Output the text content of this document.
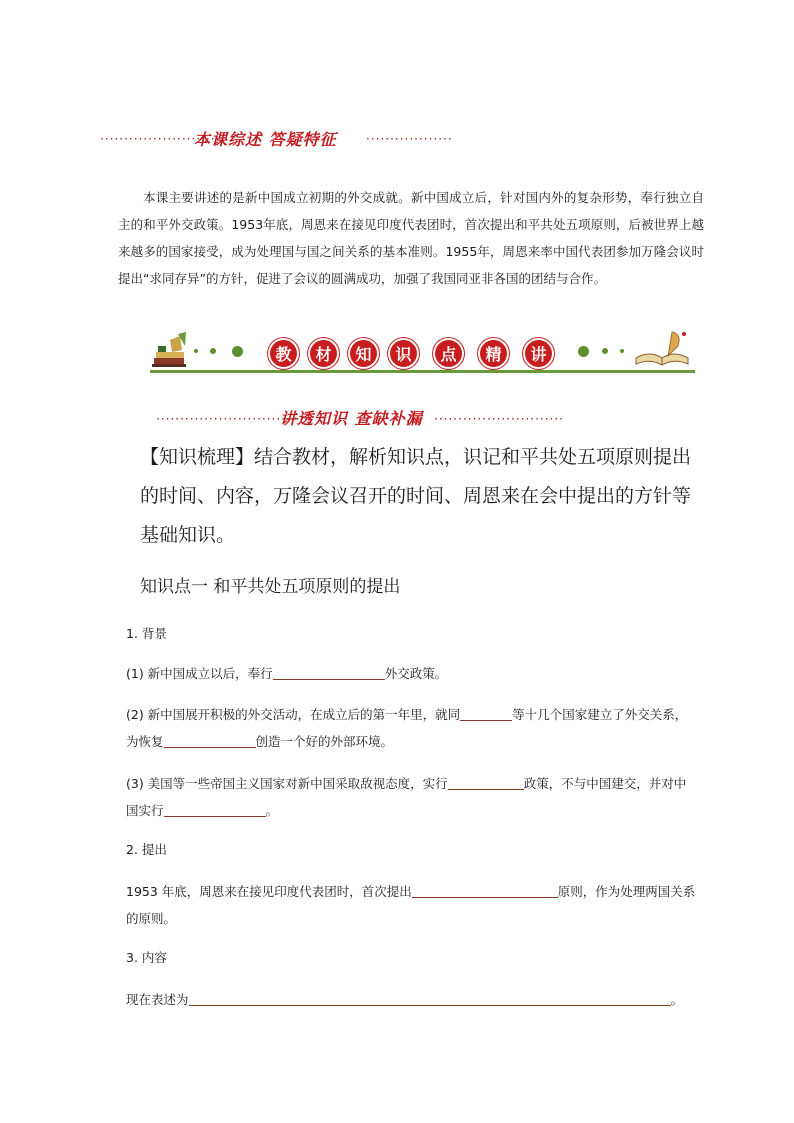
·························
本课综述 答疑特征 ··················

本课主要讲述的是新中国成立初期的外交成就。新中国成立后，针对国内外的复杂形势，奉行独立自主的和平外交政策。1953年底，周恩来在接见印度代表团时，首次提出和平共处五项原则，后被世界上越来越多的国家接受，成为处理国与国之间关系的基本准则。1955年，周恩来率中国代表团参加万隆会议时提出“求同存异”的方针，促进了会议的圆满成功，加强了我国同亚非各国的团结与合作。

教	材	知	识	点	精	讲
·······························
讲透知识 查缺补漏 ···························
【知识梳理】结合教材，解析知识点，识记和平共处五项原则提出的时间、内容，万隆会议召开的时间、周恩来在会中提出的方针等基础知识。
知识点一 和平共处五项原则的提出
1. 背景
(1) 新中国成立以后，奉行	外交政策。
(2) 新中国展开积极的外交活动，在成立后的第一年里，就同	等十几个国家建立了外交关系，为恢复	创造一个好的外部环境。
(3) 美国等一些帝国主义国家对新中国采取敌视态度，实行	政策，不与中国建交，并对中国实行	。
2. 提出
1953 年底，周恩来在接见印度代表团时，首次提出	原则，作为处理两国关系的原则。
3. 内容
现在表述为	。
